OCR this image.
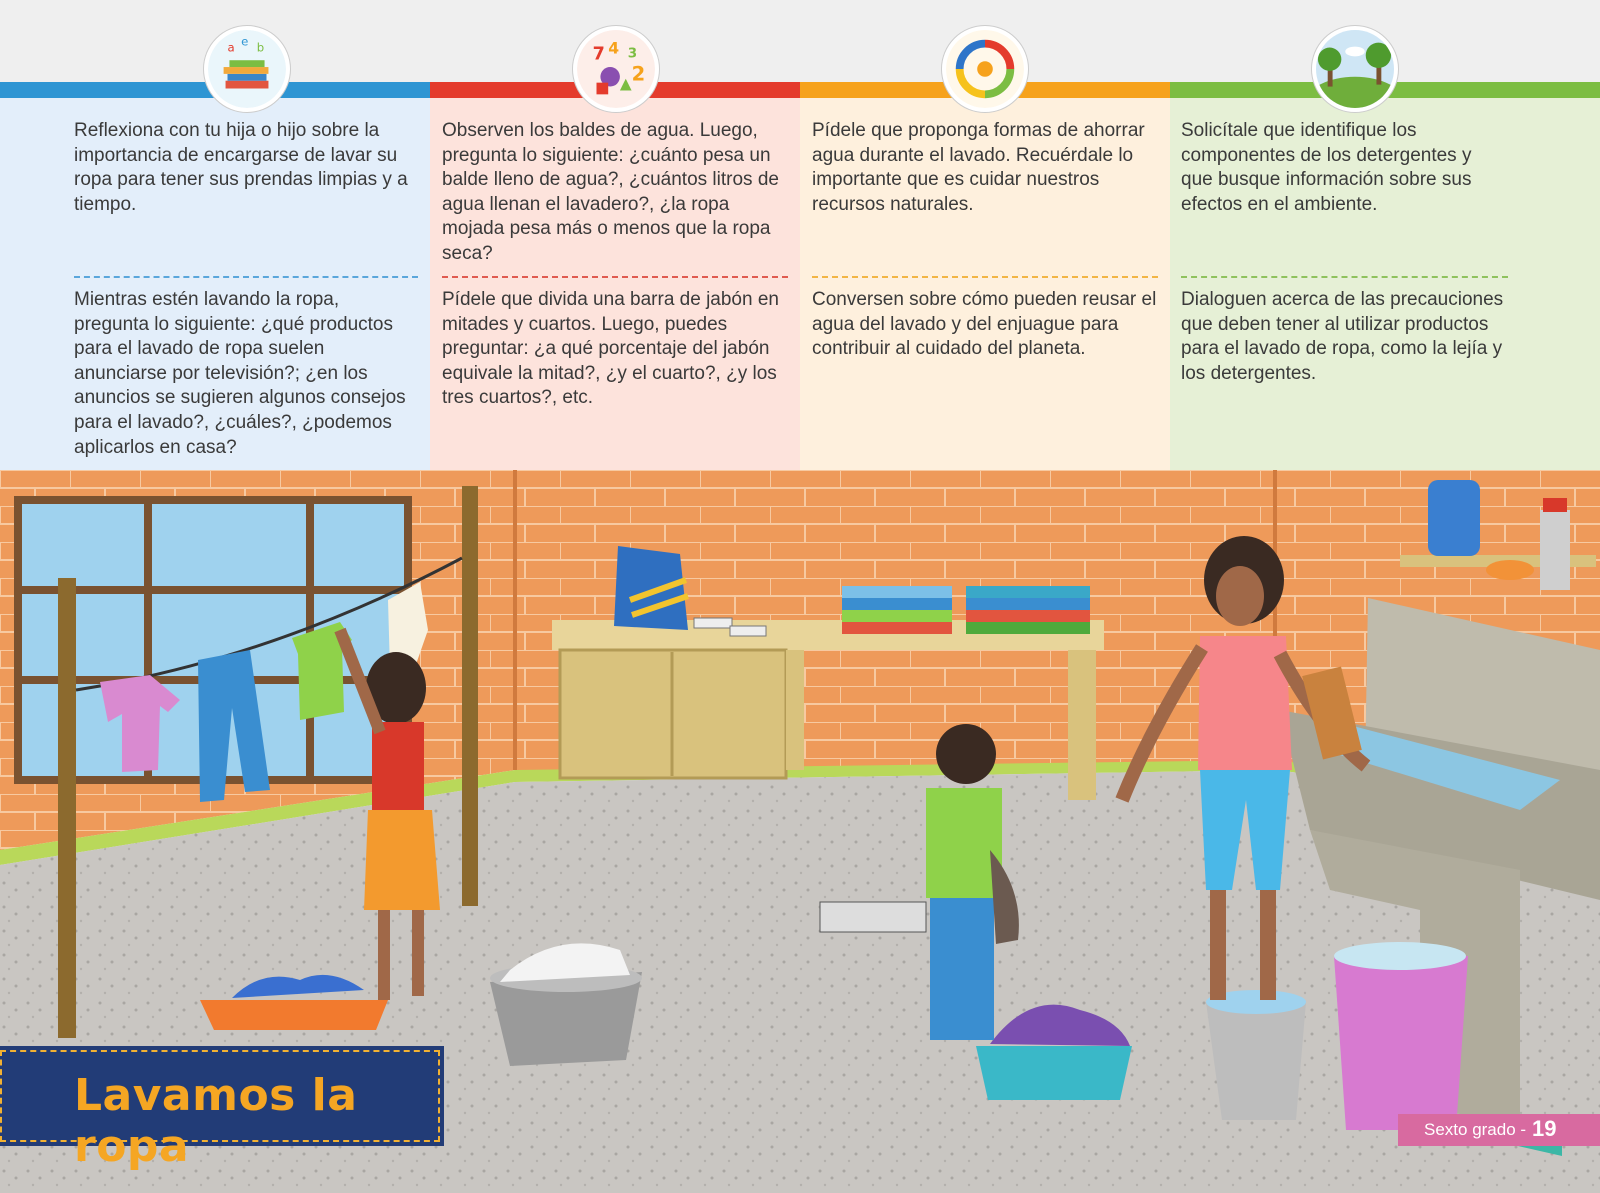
a e b
Reflexiona con tu hija o hijo sobre la importancia de encargarse de lavar su ropa para tener sus prendas limpias y a tiempo.
Mientras estén lavando la ropa, pregunta lo siguiente: ¿qué productos para el lavado de ropa suelen anunciarse por televisión?; ¿en los anuncios se sugieren algunos consejos para el lavado?, ¿cuáles?, ¿podemos aplicarlos en casa?
7 4 3
2
Observen los baldes de agua. Luego, pregunta lo siguiente: ¿cuánto pesa un balde lleno de agua?, ¿cuántos litros de agua llenan el lavadero?, ¿la ropa mojada pesa más o menos que la ropa seca?
Pídele que divida una barra de jabón en mitades y cuartos. Luego, puedes preguntar: ¿a qué porcentaje del jabón equivale la mitad?, ¿y el cuarto?, ¿y los tres cuartos?, etc.
Pídele que proponga formas de ahorrar agua durante el lavado. Recuérdale lo importante que es cuidar nuestros recursos naturales.
Conversen sobre cómo pueden reusar el agua del lavado y del enjuague para contribuir al cuidado del planeta.
Solicítale que identifique los componentes de los detergentes y que busque información sobre sus efectos en el ambiente.
Dialoguen acerca de las precauciones que deben tener al utilizar productos para el lavado de ropa, como la lejía y los detergentes.
Lavamos la ropa	Sexto grado - 19
